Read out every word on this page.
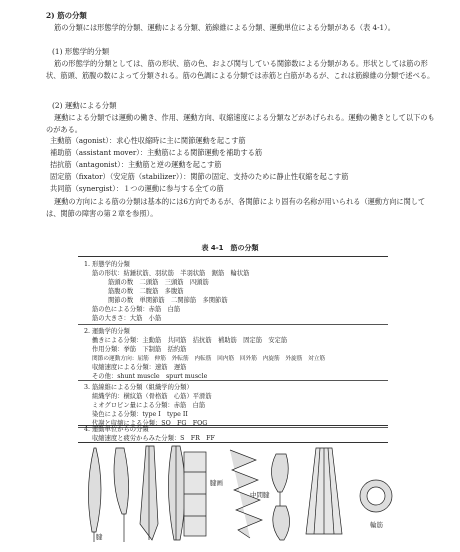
2) 筋の分類
筋の分類には形態学的分類、運動による分類、筋線維による分類、運動単位による分類がある（表 4-1）。
(1) 形態学的分類
筋の形態学的分類としては、筋の形状、筋の色、および関与している関節数による分類がある。形状としては筋の形状、筋頭、筋腹の数によって分類される。筋の色調による分類では赤筋と白筋があるが、これは筋線維の分類で述べる。
(2) 運動による分類
運動による分類では運動の働き、作用、運動方向、収縮速度による分類などがあげられる。運動の働きとして以下のものがある。
主動筋（agonist）：求心性収縮時に主に関節運動を起こす筋
補助筋（assistant mover）：主動筋による関節運動を補助する筋
拮抗筋（antagonist）：主動筋と逆の運動を起こす筋
固定筋（fixator）（安定筋（stabilizer））：関節の固定、支持のために静止性収縮を起こす筋
共同筋（synergist）：１つの運動に参与する全ての筋
運動の方向による筋の分類は基本的には6方向であるが、各関節により固有の名称が用いられる（運動方向に関しては、関節の障害の第２章を参照）。
表 4-1　筋の分類
1. 形態学的分類
筋の形状：紡錘状筋、羽状筋　半羽状筋　鋸筋　輪状筋
筋頭の数　二頭筋　三頭筋　四頭筋
筋腹の数　二腹筋　多腹筋
関節の数　単関節筋　二関節筋　多関節筋
筋の色による分類：赤筋　白筋
筋の大きさ：大筋　小筋
2. 運動学的分類
働きによる分類：主動筋　共同筋　拮抗筋　補助筋　固定筋　安定筋
作用分類：挙筋　下制筋　括約筋
関節の運動方向：屈筋　伸筋　外転筋　内転筋　回内筋　回外筋　内旋筋　外旋筋　対立筋
収縮速度による分類：速筋　遅筋
その他：shunt muscle　spurt muscle
3. 筋線維による分類（組織学的分類）
組織学的：横紋筋（骨格筋　心筋）平滑筋
ミオグロビン量による分類：赤筋　白筋
染色による分類：type I　type II
代謝と収縮による分類：SO　FG　FOG
4. 運動単位からの分類
収縮速度と疲労からみた分類：S　FR　FF
腱
腱画
中間腱
輪筋
